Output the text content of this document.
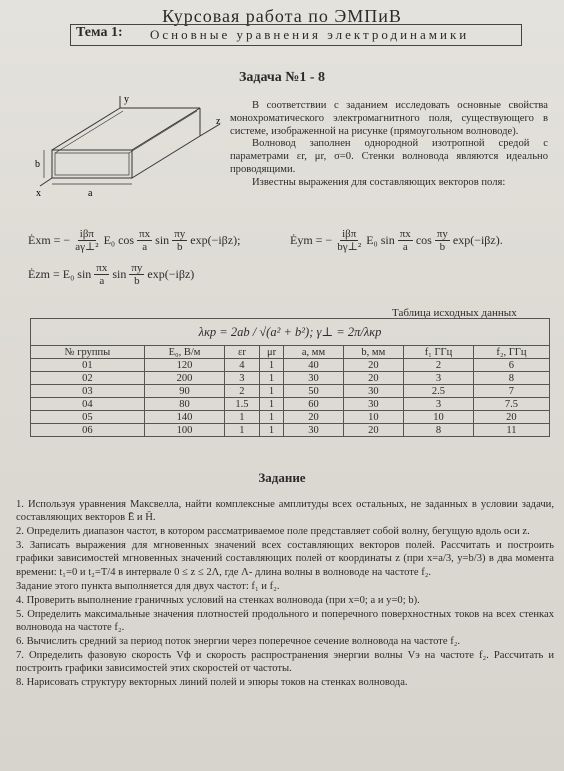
Курсовая работа по ЭМПиВ
Тема 1: Основные уравнения электродинамики
Задача №1 - 8
y
z
x	a
b

В соответствии с заданием исследовать основные свойства монохроматического электромагнитного поля, существующего в системе, изображенной на рисунке (прямоугольном волноводе).

Волновод заполнен однородной изотропной средой с параметрами εr, μr, σ=0. Стенки волновода являются идеально проводящими.

Известны выражения для составляющих векторов поля:

Ėxm = − $\frac{\text{iβπ}}{\text{aγ⊥²}} E_0$ $\cos \frac{\pi x}{a}$ $\sin \frac{\pi y}{b} \exp(-i\beta z)$;	Ėym = − $\frac{\text{iβπ}}{\text{bγ⊥²}} E_0$ $\sin \frac{\pi x}{a}$ $\cos \frac{\pi y}{b} \exp(-i\beta z)$.
Ėzm = E₀ $\sin \frac{\pi x}{a}$ $\sin \frac{\pi y}{b} \exp(-i\beta z)$
Таблица исходных данных
λкр = 2ab / √(a² + b²); γ⊥ = 2π/λкр							
№ группы	E₀, В/м	εr	μr	a, мм	b, мм	f₁ ГГц	f₂, ГГц
01	120	4	1	40	20	2	6
02	200	3	1	30	20	3	8
03	90	2	1	50	30	2.5	7
04	80	1.5	1	60	30	3	7.5
05	140	1	1	20	10	10	20
06	100	1	1	30	20	8	11
Задание

1. Используя уравнения Максвелла, найти комплексные амплитуды всех остальных, не заданных в условии задачи, составляющих векторов Ē и H̄.

2. Определить диапазон частот, в котором рассматриваемое поле представляет собой волну, бегущую вдоль оси z.

3. Записать выражения для мгновенных значений всех составляющих векторов полей. Рассчитать и построить графики зависимостей мгновенных значений составляющих полей от координаты z (при x=a/3, y=b/3) в два момента времени: t₁=0 и t₂=T/4 в интервале 0 ≤ z ≤ 2Λ, где Λ- длина волны в волноводе на частоте f₂.

Задание этого пункта выполняется для двух частот: f₁ и f₂.

4. Проверить выполнение граничных условий на стенках волновода (при x=0; a и y=0; b).

5. Определить максимальные значения плотностей продольного и поперечного поверхностных токов на всех стенках волновода на частоте f₂.

6. Вычислить средний за период поток энергии через поперечное сечение волновода на частоте f₂.

7. Определить фазовую скорость Vф и скорость распространения энергии волны Vэ на частоте f₂. Рассчитать и построить графики зависимостей этих скоростей от частоты.

8. Нарисовать структуру векторных линий полей и эпюры токов на стенках волновода.
